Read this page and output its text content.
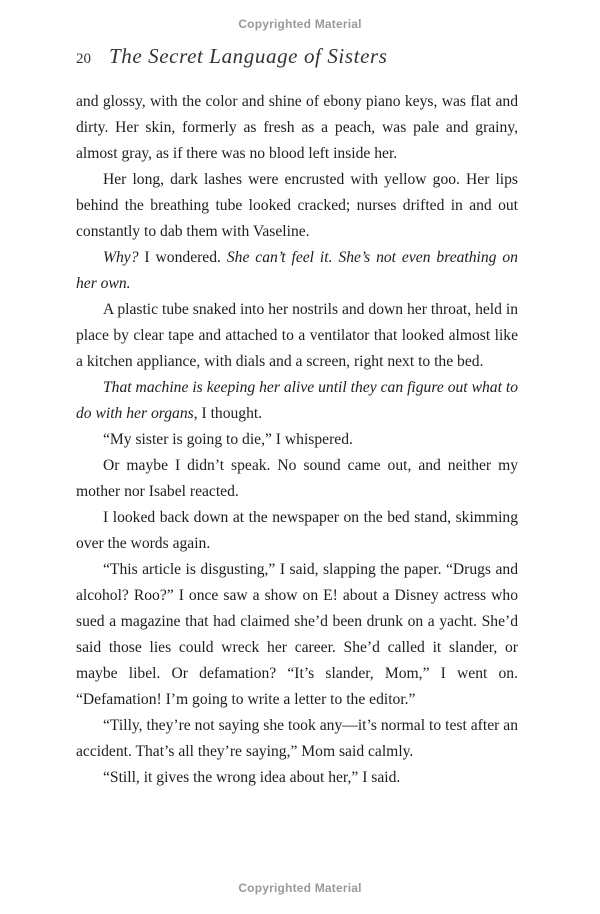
Copyrighted Material
20 The Secret Language of Sisters

and glossy, with the color and shine of ebony piano keys, was flat and dirty. Her skin, formerly as fresh as a peach, was pale and grainy, almost gray, as if there was no blood left inside her.

Her long, dark lashes were encrusted with yellow goo. Her lips behind the breathing tube looked cracked; nurses drifted in and out constantly to dab them with Vaseline.

Why? I wondered. She can’t feel it. She’s not even breathing on her own.

A plastic tube snaked into her nostrils and down her throat, held in place by clear tape and attached to a ventilator that looked almost like a kitchen appliance, with dials and a screen, right next to the bed.

That machine is keeping her alive until they can figure out what to do with her organs, I thought.

“My sister is going to die,” I whispered.

Or maybe I didn’t speak. No sound came out, and neither my mother nor Isabel reacted.

I looked back down at the newspaper on the bed stand, skimming over the words again.

“This article is disgusting,” I said, slapping the paper. “Drugs and alcohol? Roo?” I once saw a show on E! about a Disney actress who sued a magazine that had claimed she’d been drunk on a yacht. She’d said those lies could wreck her career. She’d called it slander, or maybe libel. Or defamation? “It’s slander, Mom,” I went on. “Defamation! I’m going to write a letter to the editor.”

“Tilly, they’re not saying she took any—it’s normal to test after an accident. That’s all they’re saying,” Mom said calmly.

“Still, it gives the wrong idea about her,” I said.

Copyrighted Material
